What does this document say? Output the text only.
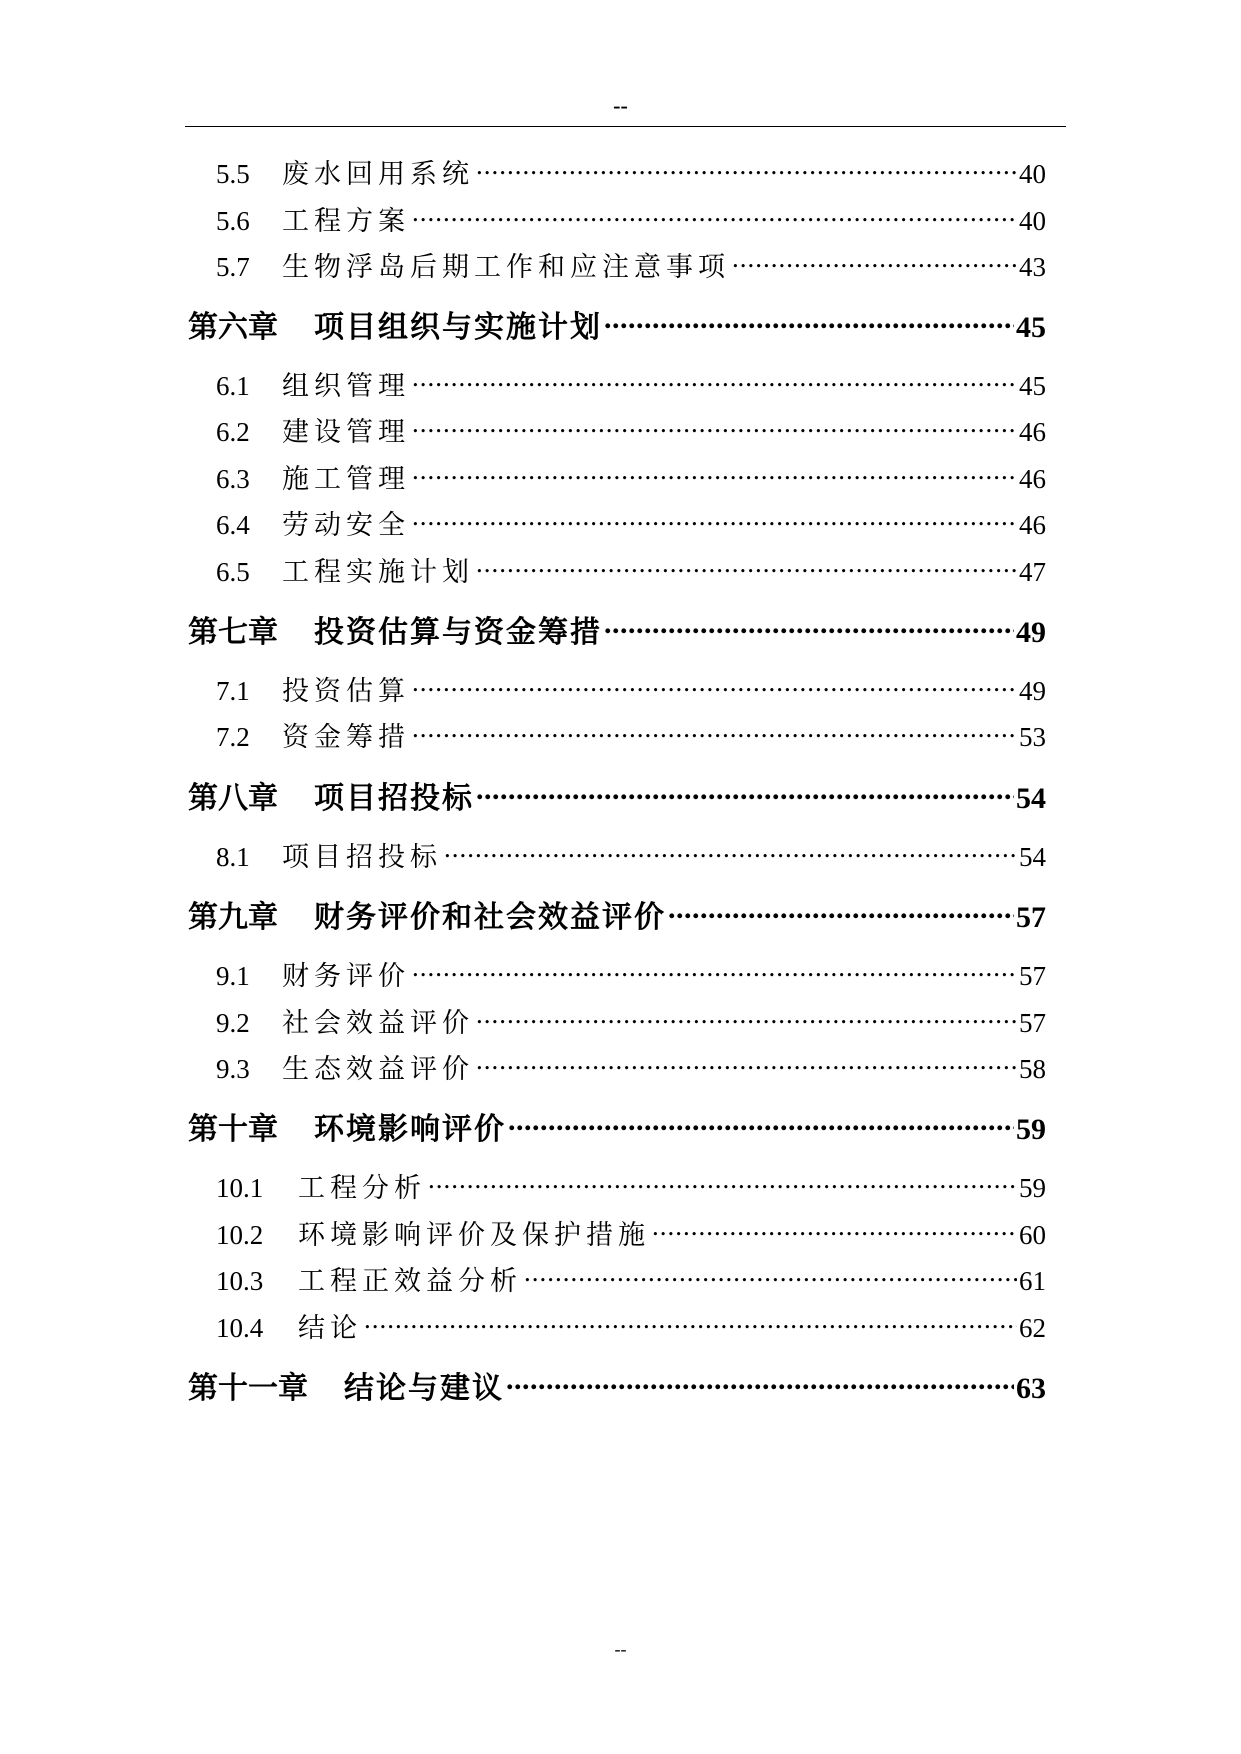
--
5.5	废水回用系统 .....	40
5.6	工程方案 .....	40
5.7	生物浮岛后期工作和应注意事项 .....	43
第六章 项目组织与实施计划 .....	45
6.1	组织管理 .....	45
6.2	建设管理 .....	46
6.3	施工管理 .....	46
6.4	劳动安全 .....	46
6.5	工程实施计划 .....	47
第七章 投资估算与资金筹措 .....	49
7.1	投资估算 .....	49
7.2	资金筹措 .....	53
第八章 项目招投标 .....	54
8.1	项目招投标 .....	54
第九章 财务评价和社会效益评价 .....	57
9.1	财务评价 .....	57
9.2	社会效益评价 .....	57
9.3	生态效益评价 .....	58
第十章 环境影响评价 .....	59
10.1	工程分析 .....	59
10.2	环境影响评价及保护措施 .....	60
10.3	工程正效益分析 .....	61
10.4	结论 .....	62
第十一章 结论与建议 .....	63
--
